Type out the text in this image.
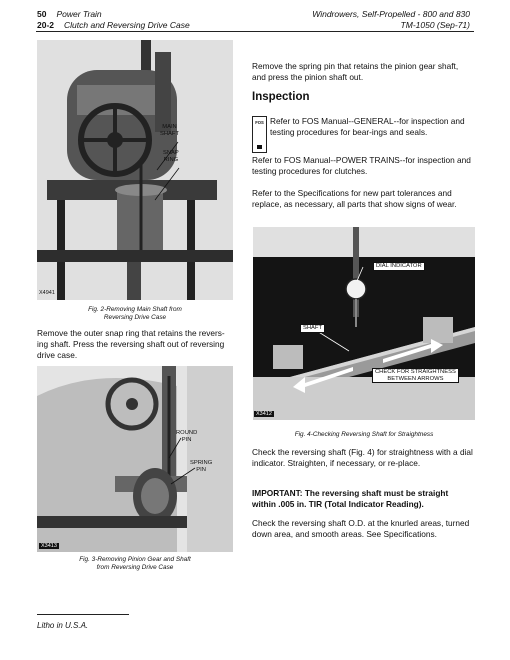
50 Power Train
20-2 Clutch and Reversing Drive Case
Windrowers, Self-Propelled - 800 and 830
TM-1050 (Sep-71)
MAIN
SHAFT
SNAP
RING
X4941
Fig. 2-Removing Main Shaft from
Reversing Drive Case

Remove the outer snap ring that retains the revers-ing shaft. Press the reversing shaft out of reversing drive case.

ROUND
PIN
SPRING
PIN
X3413
Fig. 3-Removing Pinion Gear and Shaft
from Reversing Drive Case

Remove the spring pin that retains the pinion gear shaft, and press the pinion shaft out.

Inspection
FOS Refer to FOS Manual--GENERAL--for inspection and testing procedures for bear-ings and seals.

Refer to FOS Manual--POWER TRAINS--for inspection and testing procedures for clutches.

Refer to the Specifications for new part tolerances and replace, as necessary, all parts that show signs of wear.

DIAL INDICATOR
SHAFT
CHECK FOR STRAIGHTNESS
BETWEEN ARROWS
X3412
Fig. 4-Checking Reversing Shaft for Straightness

Check the reversing shaft (Fig. 4) for straightness with a dial indicator. Straighten, if necessary, or re-place.

IMPORTANT: The reversing shaft must be straight within .005 in. TIR (Total Indicator Reading).

Check the reversing shaft O.D. at the knurled areas, turned down area, and smooth areas. See Specifications.

Litho in U.S.A.
